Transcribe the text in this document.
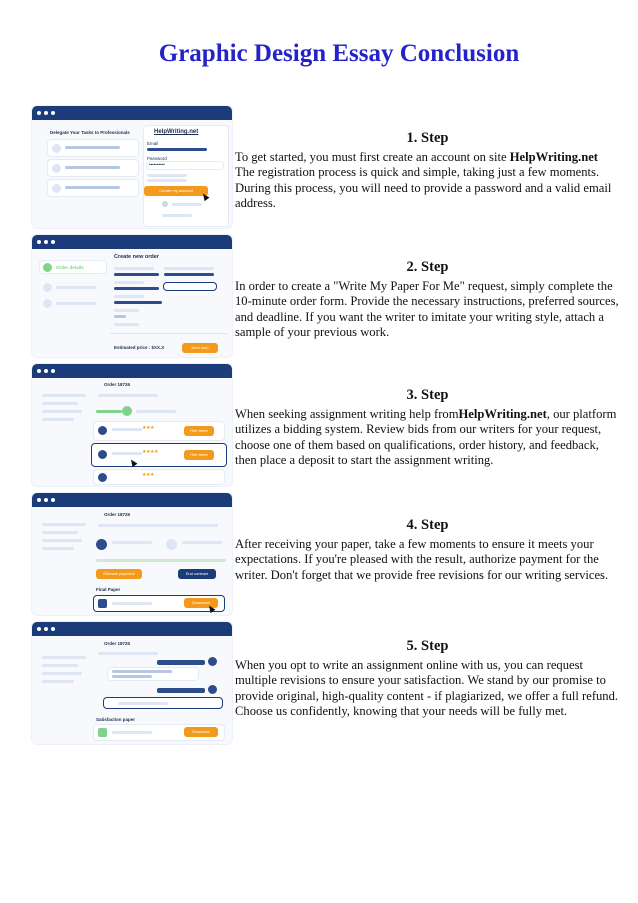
Graphic Design Essay Conclusion
Delegate Your Tasks to Professionals	HelpWriting.net
Email
Password
••••••••••
Create my account
Order details
Create new order
Estimated price : $XX.X	Next step
Order 18726
★★★	Hire writer
★★★★	Hire writer
★★★
Order 18726
Release payment	End contract
Final Paper
Download
Order 18726
Satisfaction paper
Download
1. Step

To get started, you must first create an account on site HelpWriting.net The registration process is quick and simple, taking just a few moments. During this process, you will need to provide a password and a valid email address.

2. Step

In order to create a "Write My Paper For Me" request, simply complete the 10-minute order form. Provide the necessary instructions, preferred sources, and deadline. If you want the writer to imitate your writing style, attach a sample of your previous work.

3. Step

When seeking assignment writing help fromHelpWriting.net, our platform utilizes a bidding system. Review bids from our writers for your request, choose one of them based on qualifications, order history, and feedback, then place a deposit to start the assignment writing.

4. Step

After receiving your paper, take a few moments to ensure it meets your expectations. If you're pleased with the result, authorize payment for the writer. Don't forget that we provide free revisions for our writing services.

5. Step

When you opt to write an assignment online with us, you can request multiple revisions to ensure your satisfaction. We stand by our promise to provide original, high-quality content - if plagiarized, we offer a full refund. Choose us confidently, knowing that your needs will be fully met.
